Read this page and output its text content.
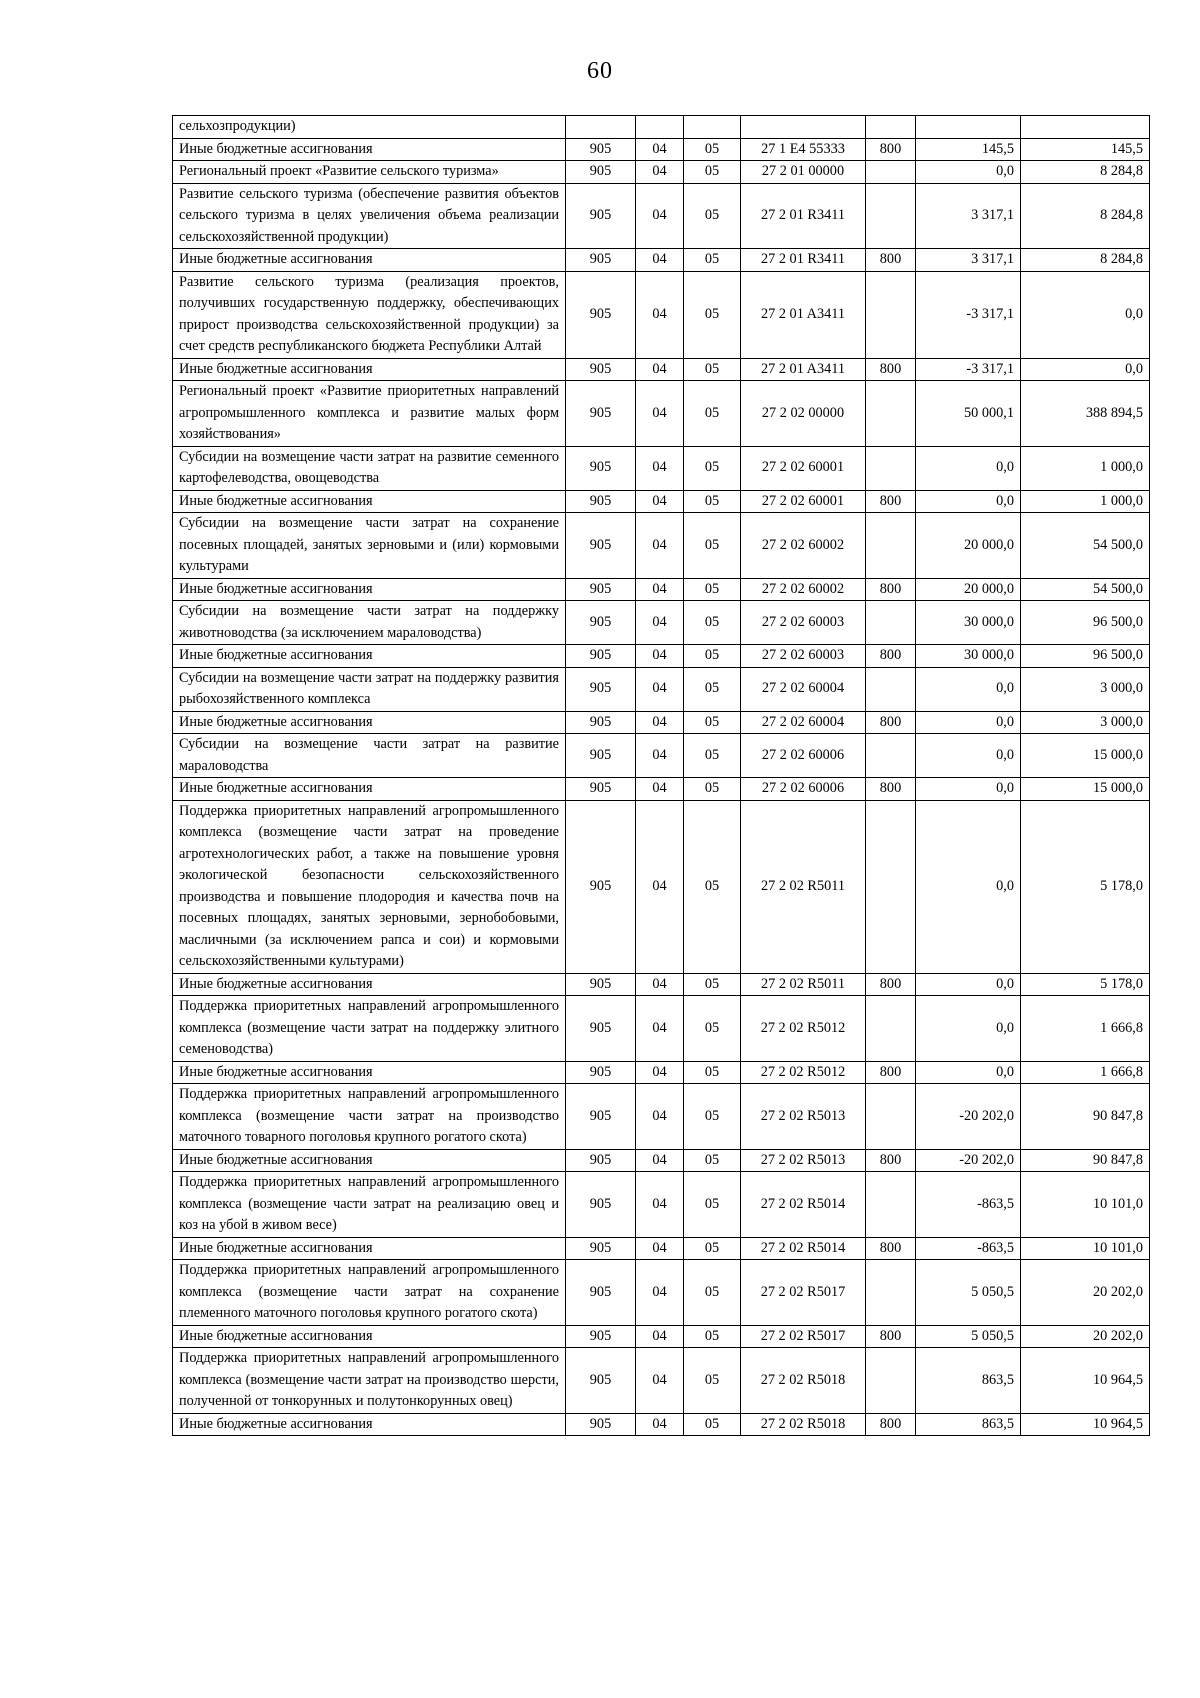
60
сельхозпродукции)							
Иные бюджетные ассигнования	905	04	05	27 1 E4 55333	800	145,5	145,5
Региональный проект «Развитие сельского туризма»	905	04	05	27 2 01 00000		0,0	8 284,8
Развитие сельского туризма (обеспечение развития объектов сельского туризма в целях увеличения объема реализации сельскохозяйственной продукции)	905	04	05	27 2 01 R3411		3 317,1	8 284,8
Иные бюджетные ассигнования	905	04	05	27 2 01 R3411	800	3 317,1	8 284,8
Развитие сельского туризма (реализация проектов, получивших государственную поддержку, обеспечивающих прирост производства сельскохозяйственной продукции) за счет средств республиканского бюджета Республики Алтай	905	04	05	27 2 01 A3411		-3 317,1	0,0
Иные бюджетные ассигнования	905	04	05	27 2 01 A3411	800	-3 317,1	0,0
Региональный проект «Развитие приоритетных направлений агропромышленного комплекса и развитие малых форм хозяйствования»	905	04	05	27 2 02 00000		50 000,1	388 894,5
Субсидии на возмещение части затрат на развитие семенного картофелеводства, овощеводства	905	04	05	27 2 02 60001		0,0	1 000,0
Иные бюджетные ассигнования	905	04	05	27 2 02 60001	800	0,0	1 000,0
Субсидии на возмещение части затрат на сохранение посевных площадей, занятых зерновыми и (или) кормовыми культурами	905	04	05	27 2 02 60002		20 000,0	54 500,0
Иные бюджетные ассигнования	905	04	05	27 2 02 60002	800	20 000,0	54 500,0
Субсидии на возмещение части затрат на поддержку животноводства (за исключением мараловодства)	905	04	05	27 2 02 60003		30 000,0	96 500,0
Иные бюджетные ассигнования	905	04	05	27 2 02 60003	800	30 000,0	96 500,0
Субсидии на возмещение части затрат на поддержку развития рыбохозяйственного комплекса	905	04	05	27 2 02 60004		0,0	3 000,0
Иные бюджетные ассигнования	905	04	05	27 2 02 60004	800	0,0	3 000,0
Субсидии на возмещение части затрат на развитие мараловодства	905	04	05	27 2 02 60006		0,0	15 000,0
Иные бюджетные ассигнования	905	04	05	27 2 02 60006	800	0,0	15 000,0
Поддержка приоритетных направлений агропромышленного комплекса (возмещение части затрат на проведение агротехнологических работ, а также на повышение уровня экологической безопасности сельскохозяйственного производства и повышение плодородия и качества почв на посевных площадях, занятых зерновыми, зернобобовыми, масличными (за исключением рапса и сои) и кормовыми сельскохозяйственными культурами)	905	04	05	27 2 02 R5011		0,0	5 178,0
Иные бюджетные ассигнования	905	04	05	27 2 02 R5011	800	0,0	5 178,0
Поддержка приоритетных направлений агропромышленного комплекса (возмещение части затрат на поддержку элитного семеноводства)	905	04	05	27 2 02 R5012		0,0	1 666,8
Иные бюджетные ассигнования	905	04	05	27 2 02 R5012	800	0,0	1 666,8
Поддержка приоритетных направлений агропромышленного комплекса (возмещение части затрат на производство маточного товарного поголовья крупного рогатого скота)	905	04	05	27 2 02 R5013		-20 202,0	90 847,8
Иные бюджетные ассигнования	905	04	05	27 2 02 R5013	800	-20 202,0	90 847,8
Поддержка приоритетных направлений агропромышленного комплекса (возмещение части затрат на реализацию овец и коз на убой в живом весе)	905	04	05	27 2 02 R5014		-863,5	10 101,0
Иные бюджетные ассигнования	905	04	05	27 2 02 R5014	800	-863,5	10 101,0
Поддержка приоритетных направлений агропромышленного комплекса (возмещение части затрат на сохранение племенного маточного поголовья крупного рогатого скота)	905	04	05	27 2 02 R5017		5 050,5	20 202,0
Иные бюджетные ассигнования	905	04	05	27 2 02 R5017	800	5 050,5	20 202,0
Поддержка приоритетных направлений агропромышленного комплекса (возмещение части затрат на производство шерсти, полученной от тонкорунных и полутонкорунных овец)	905	04	05	27 2 02 R5018		863,5	10 964,5
Иные бюджетные ассигнования	905	04	05	27 2 02 R5018	800	863,5	10 964,5
